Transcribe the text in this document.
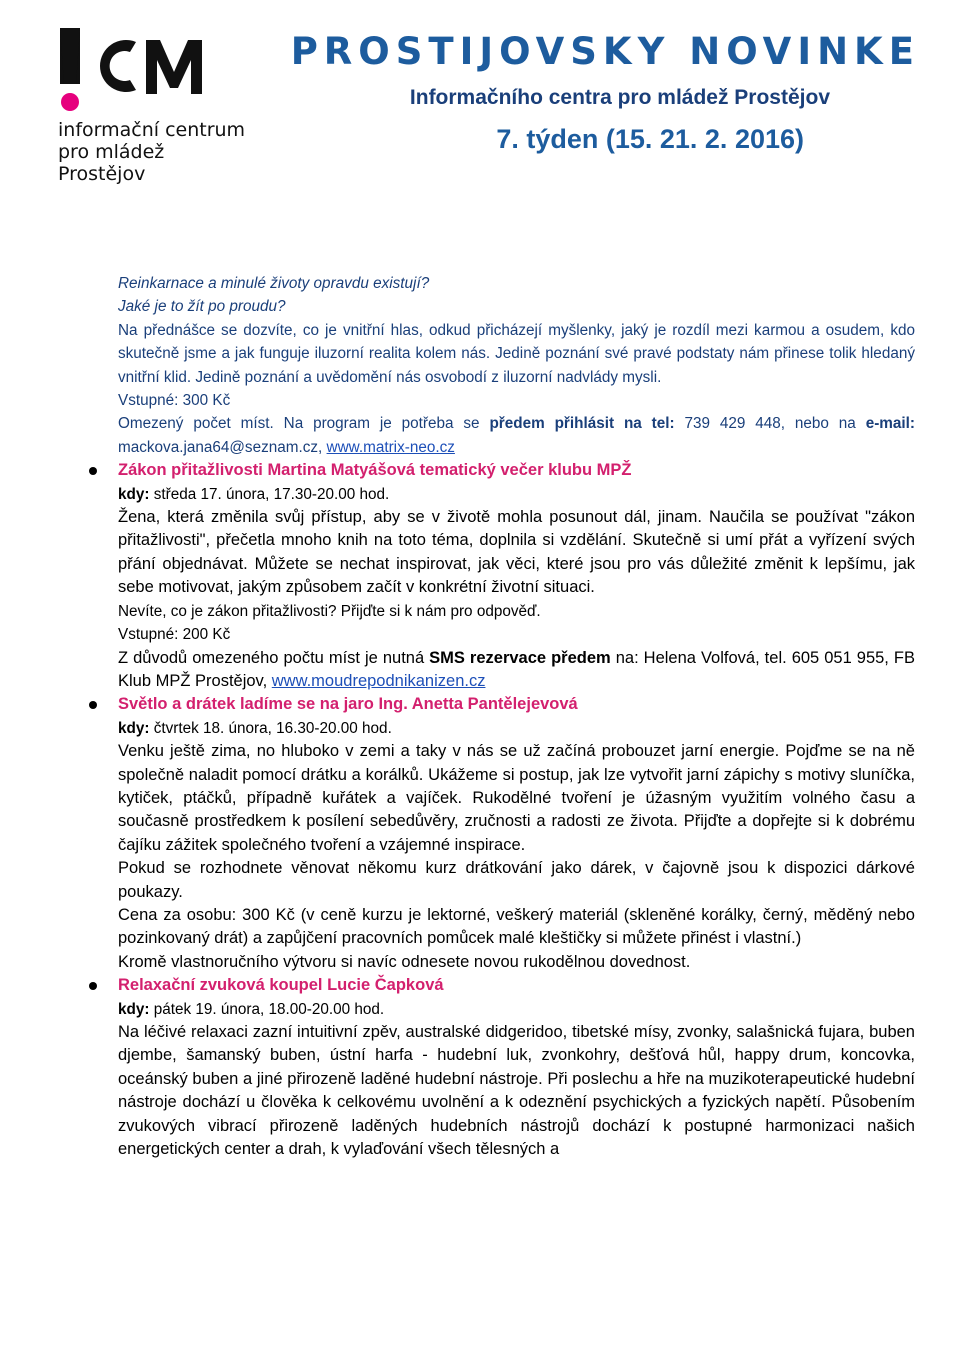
informační centrum
pro mládež
Prostějov
PROSTIJOVSKY NOVINKE
Informačního centra pro mládež Prostějov
7. týden (15. 21. 2. 2016)
Reinkarnace a minulé životy opravdu existují?
Jaké je to žít po proudu?
Na přednášce se dozvíte, co je vnitřní hlas, odkud přicházejí myšlenky, jaký je rozdíl mezi karmou a osudem, kdo skutečně jsme a jak funguje iluzorní realita kolem nás. Jedině poznání své pravé podstaty nám přinese tolik hledaný vnitřní klid. Jedině poznání a uvědomění nás osvobodí z iluzorní nadvlády mysli.
Vstupné: 300 Kč
Omezený počet míst. Na program je potřeba se předem přihlásit na tel: 739 429 448, nebo na e-mail: mackova.jana64@seznam.cz, www.matrix-neo.cz
Zákon přitažlivosti Martina Matyášová tematický večer klubu MPŽ
kdy: středa 17. února, 17.30-20.00 hod.
Žena, která změnila svůj přístup, aby se v životě mohla posunout dál, jinam. Naučila se používat "zákon přitažlivosti", přečetla mnoho knih na toto téma, doplnila si vzdělání. Skutečně si umí přát a vyřízení svých přání objednávat. Můžete se nechat inspirovat, jak věci, které jsou pro vás důležité změnit k lepšímu, jak sebe motivovat, jakým způsobem začít v konkrétní životní situaci.
Nevíte, co je zákon přitažlivosti? Přijďte si k nám pro odpověď.
Vstupné: 200 Kč
Z důvodů omezeného počtu míst je nutná SMS rezervace předem na: Helena Volfová, tel. 605 051 955, FB Klub MPŽ Prostějov, www.moudrepodnikanizen.cz
Světlo a drátek ladíme se na jaro Ing. Anetta Pantělejevová
kdy: čtvrtek 18. února, 16.30-20.00 hod.
Venku ještě zima, no hluboko v zemi a taky v nás se už začíná probouzet jarní energie. Pojďme se na ně společně naladit pomocí drátku a korálků. Ukážeme si postup, jak lze vytvořit jarní zápichy s motivy sluníčka, kytiček, ptáčků, případně kuřátek a vajíček. Rukodělné tvoření je úžasným využitím volného času a současně prostředkem k posílení sebedůvěry, zručnosti a radosti ze života. Přijďte a dopřejte si k dobrému čajíku zážitek společného tvoření a vzájemné inspirace.
Pokud se rozhodnete věnovat někomu kurz drátkování jako dárek, v čajovně jsou k dispozici dárkové poukazy.
Cena za osobu: 300 Kč (v ceně kurzu je lektorné, veškerý materiál (skleněné korálky, černý, měděný nebo pozinkovaný drát) a zapůjčení pracovních pomůcek malé kleštičky si můžete přinést i vlastní.)
Kromě vlastnoručního výtvoru si navíc odnesete novou rukodělnou dovednost.
Relaxační zvuková koupel Lucie Čapková
kdy: pátek 19. února, 18.00-20.00 hod.
Na léčivé relaxaci zazní intuitivní zpěv, australské didgeridoo, tibetské mísy, zvonky, salašnická fujara, buben djembe, šamanský buben, ústní harfa - hudební luk, zvonkohry, dešťová hůl, happy drum, koncovka, oceánský buben a jiné přirozeně laděné hudební nástroje. Při poslechu a hře na muzikoterapeutické hudební nástroje dochází u člověka k celkovému uvolnění a k odeznění psychických a fyzických napětí. Působením zvukových vibrací přirozeně laděných hudebních nástrojů dochází k postupné harmonizaci našich energetických center a drah, k vylaďování všech tělesných a
